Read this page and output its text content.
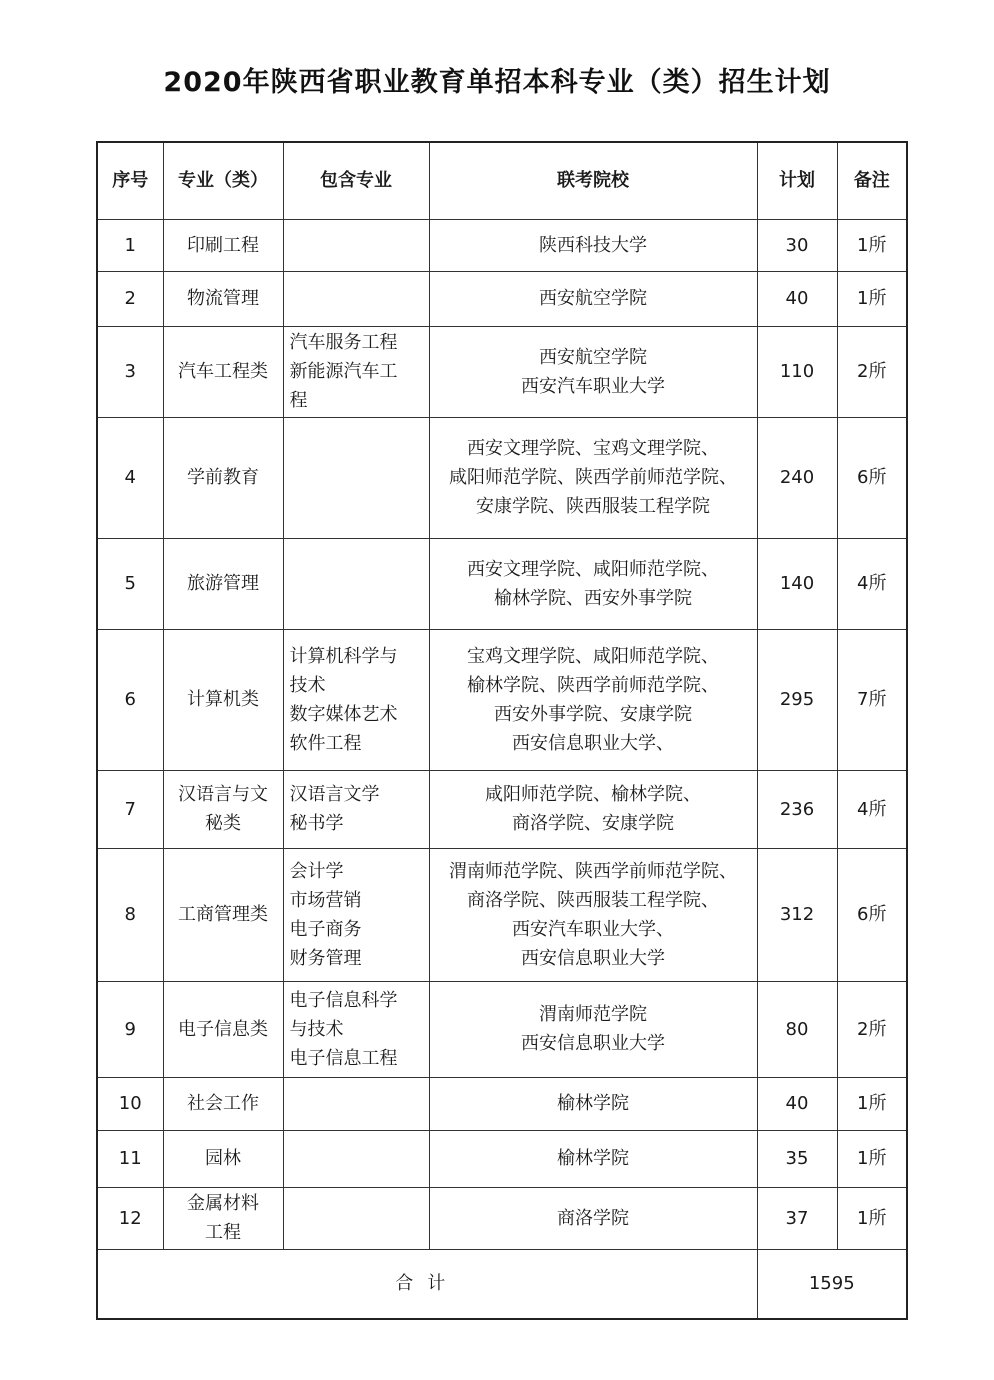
2020年陕西省职业教育单招本科专业（类）招生计划
序号	专业（类）	包含专业	联考院校	计划	备注
1	印刷工程		陕西科技大学	30	1所
2	物流管理		西安航空学院	40	1所
3	汽车工程类	汽车服务工程
新能源汽车工
程	西安航空学院
西安汽车职业大学	110	2所
4	学前教育		西安文理学院、宝鸡文理学院、
咸阳师范学院、陕西学前师范学院、
安康学院、陕西服装工程学院	240	6所
5	旅游管理		西安文理学院、咸阳师范学院、
榆林学院、西安外事学院	140	4所
6	计算机类	计算机科学与
技术
数字媒体艺术
软件工程	宝鸡文理学院、咸阳师范学院、
榆林学院、陕西学前师范学院、
西安外事学院、安康学院
西安信息职业大学、	295	7所
7	汉语言与文
秘类	汉语言文学
秘书学	咸阳师范学院、榆林学院、
商洛学院、安康学院	236	4所
8	工商管理类	会计学
市场营销
电子商务
财务管理	渭南师范学院、陕西学前师范学院、
商洛学院、陕西服装工程学院、
西安汽车职业大学、
西安信息职业大学	312	6所
9	电子信息类	电子信息科学
与技术
电子信息工程	渭南师范学院
西安信息职业大学	80	2所
10	社会工作		榆林学院	40	1所
11	园林		榆林学院	35	1所
12	金属材料
工程		商洛学院	37	1所
合计				1595	
